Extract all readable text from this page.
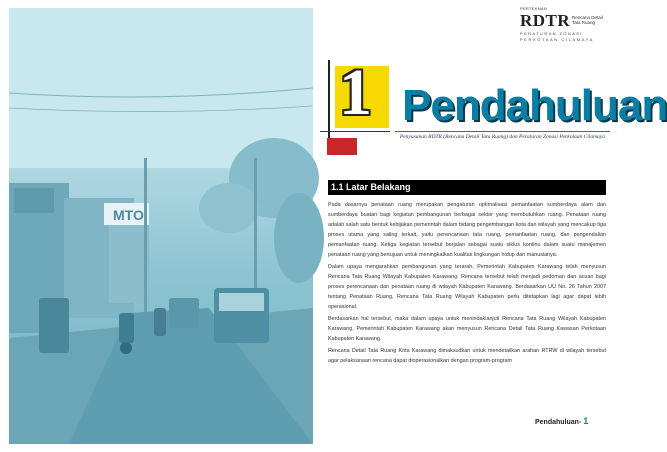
MTO
PERTEKNAN
RDTR Rencana Detail Tata Ruang
PERATURAN ZONASI
PERKOTAAN CILAMAYA
1 Pendahuluan
Penyusunan RDTR (Rencana Detail Tata Ruang) dan Peraturan Zonasi Perkotaan Cilamaya
1.1 Latar Belakang

Pada dasarnya penataan ruang merupakan pengaturan optimalisasi pemanfaatan sumberdaya alam dan sumberdaya buatan bagi kegiatan pembangunan berbagai sektor yang membutuhkan ruang. Penataan ruang adalah salah satu bentuk kebijakan pemerintah dalam bidang pengembangan kota dan wilayah yang mencakup tiga proses utama yang saling terkait, yaitu perencanaan tata ruang, pemanfaatan ruang, dan pengendalian pemanfaatan ruang. Ketiga kegiatan tersebut berjalan sebagai suatu siklus kontinu dalam suatu manajemen penataan ruang yang bertujuan untuk meningkatkan kualitas lingkungan hidup dan manusianya.

Dalam upaya mengarahkan pembangunan yang terarah, Pemerintah Kabupaten Karawang telah menyusun Rencana Tata Ruang Wilayah Kabupaten Karawang. Rencana tersebut telah menjadi pedoman dan acuan bagi proses perencanaan dan penataan ruang di wilayah Kabupaten Karawang. Berdasarkan UU No. 26 Tahun 2007 tentang Penataan Ruang, Rencana Tata Ruang Wilayah Kabupaten perlu ditetapkan lagi agar dapat lebih operasional.

Berdasarkan hal tersebut, maka dalam upaya untuk menindaklanjuti Rencana Tata Ruang Wilayah Kabupaten Karawang, Pemerintah Kabupaten Karawang akan menyusun Rencana Detail Tata Ruang Kawasan Perkotaan Kabupaten Karawang.

Rencana Detail Tata Ruang Kota Karawang dimaksudkan untuk mendetailkan arahan RTRW di wilayah tersebut agar pelaksanaan rencana dapat dioperasionalkan dengan program-program

Pendahuluan- 1
